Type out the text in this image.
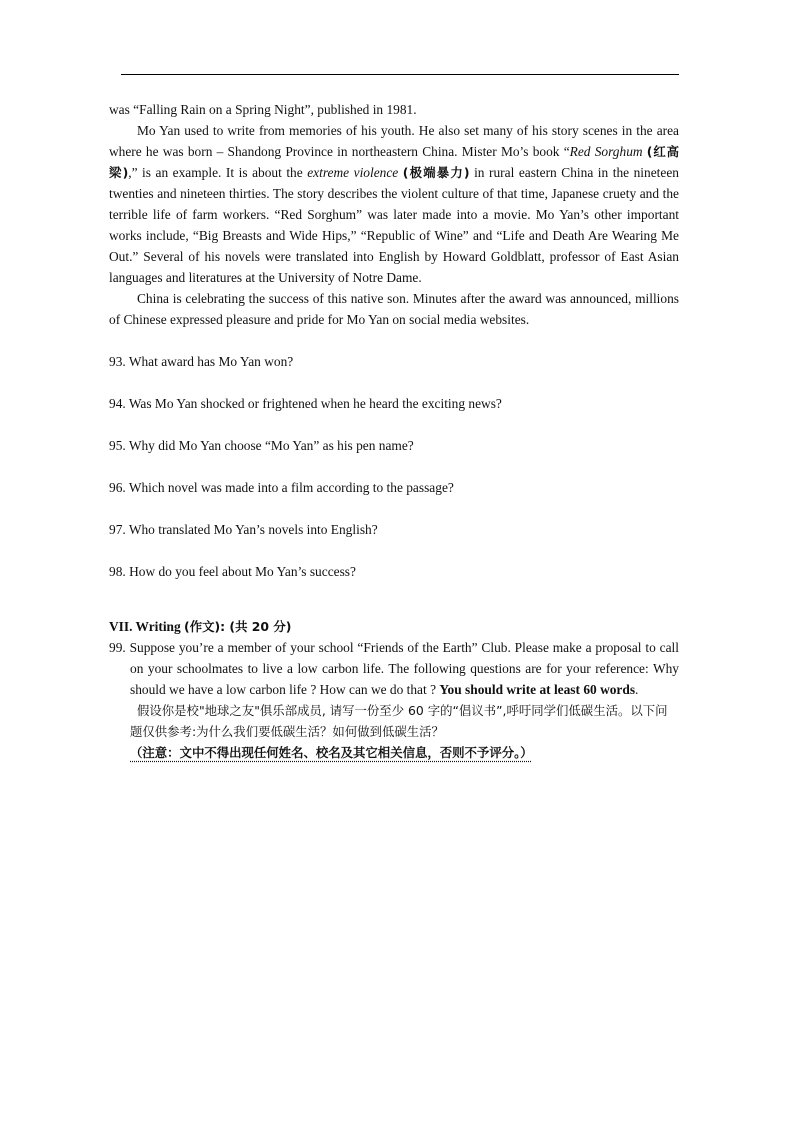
was “Falling Rain on a Spring Night”, published in 1981.

Mo Yan used to write from memories of his youth. He also set many of his story scenes in the area where he was born – Shandong Province in northeastern China. Mister Mo’s book “Red Sorghum (红高梁),” is an example. It is about the extreme violence (极端暴力) in rural eastern China in the nineteen twenties and nineteen thirties. The story describes the violent culture of that time, Japanese cruety and the terrible life of farm workers. “Red Sorghum” was later made into a movie. Mo Yan’s other important works include, “Big Breasts and Wide Hips,” “Republic of Wine” and “Life and Death Are Wearing Me Out.” Several of his novels were translated into English by Howard Goldblatt, professor of East Asian languages and literatures at the University of Notre Dame.

China is celebrating the success of this native son. Minutes after the award was announced, millions of Chinese expressed pleasure and pride for Mo Yan on social media websites.

93. What award has Mo Yan won?

94. Was Mo Yan shocked or frightened when he heard the exciting news?

95. Why did Mo Yan choose “Mo Yan” as his pen name?

96. Which novel was made into a film according to the passage?

97. Who translated Mo Yan’s novels into English?

98. How do you feel about Mo Yan’s success?

VII. Writing (作文): (共 20 分)

99. Suppose you’re a member of your school “Friends of the Earth” Club. Please make a proposal to call on your schoolmates to live a low carbon life. The following questions are for your reference: Why should we have a low carbon life ? How can we do that ? You should write at least 60 words.

假设你是校"地球之友"俱乐部成员, 请写一份至少 60 字的“倡议书”,呼吁同学们低碳生活。以下问题仅供参考:为什么我们要低碳生活？如何做到低碳生活？

（注意：文中不得出现任何姓名、校名及其它相关信息，否则不予评分。）
